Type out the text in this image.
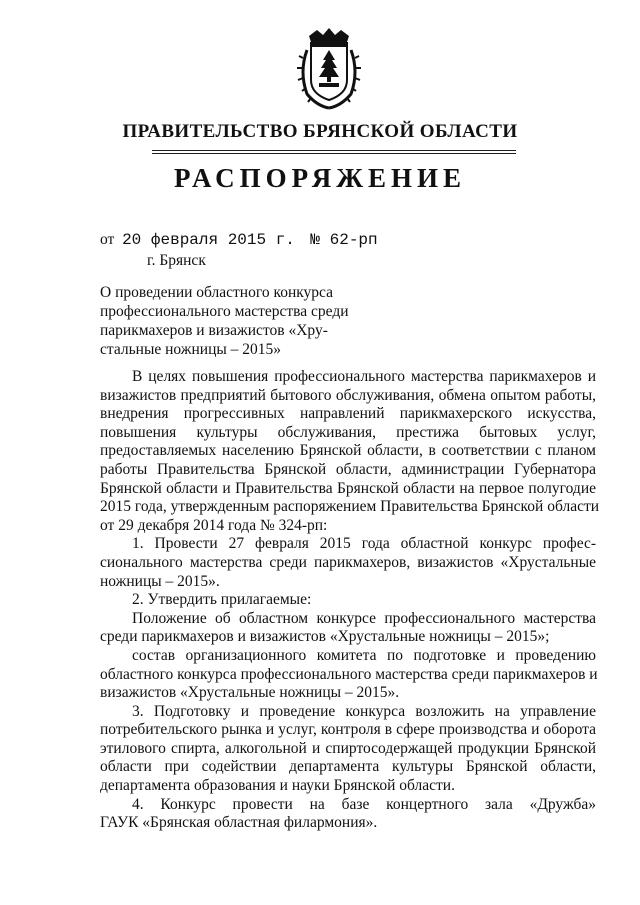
ПРАВИТЕЛЬСТВО БРЯНСКОЙ ОБЛАСТИ
РАСПОРЯЖЕНИЕ
от 20 февраля 2015 г. № 62-рп
г. Брянск
О проведении областного конкурса
профессионального мастерства среди
парикмахеров и визажистов «Хру-
стальные ножницы – 2015»
В целях повышения профессионального мастерства парикмахеров и
визажистов предприятий бытового обслуживания, обмена опытом работы,
внедрения прогрессивных направлений парикмахерского искусства,
повышения культуры обслуживания, престижа бытовых услуг,
предоставляемых населению Брянской области, в соответствии с планом
работы Правительства Брянской области, администрации Губернатора
Брянской области и Правительства Брянской области на первое полугодие
2015 года, утвержденным распоряжением Правительства Брянской области
от 29 декабря 2014 года № 324-рп:
1. Провести 27 февраля 2015 года областной конкурс профес-
сионального мастерства среди парикмахеров, визажистов «Хрустальные
ножницы – 2015».
2. Утвердить прилагаемые:
Положение об областном конкурсе профессионального мастерства
среди парикмахеров и визажистов «Хрустальные ножницы – 2015»;
состав организационного комитета по подготовке и проведению
областного конкурса профессионального мастерства среди парикмахеров и
визажистов «Хрустальные ножницы – 2015».
3. Подготовку и проведение конкурса возложить на управление
потребительского рынка и услуг, контроля в сфере производства и оборота
этилового спирта, алкогольной и спиртосодержащей продукции Брянской
области при содействии департамента культуры Брянской области,
департамента образования и науки Брянской области.
4. Конкурс провести на базе концертного зала «Дружба»
ГАУК «Брянская областная филармония».
